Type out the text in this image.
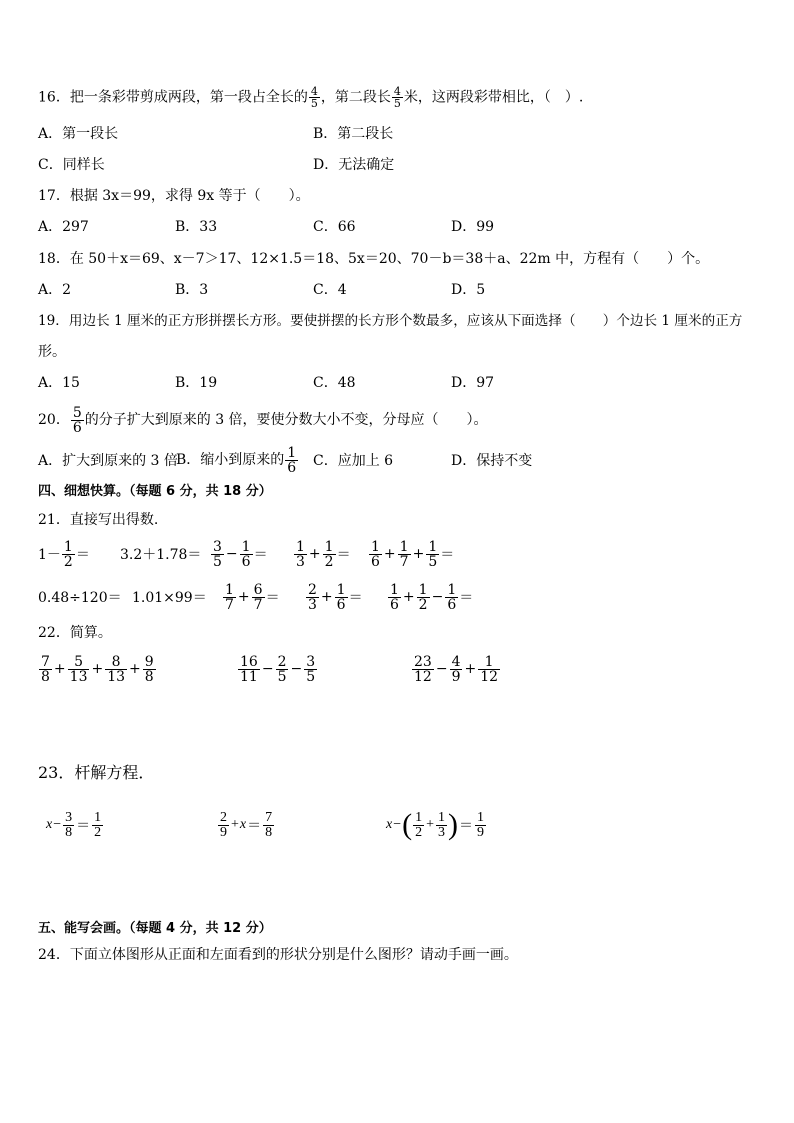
16．把一条彩带剪成两段，第一段占全长的 $\frac{4}{5}$ ，第二段长 $\frac{4}{5}$ 米，这两段彩带相比，（　）.
A．第一段长	B．第二段长
C．同样长	D．无法确定
17．根据 3x＝99，求得 9x 等于（　　）。
A．297	B．33	C．66	D．99
18．在 50＋x＝69、x－7＞17、12×1.5＝18、5x＝20、70－b＝38＋a、22m 中，方程有（　　）个。
A．2	B．3	C．4	D．5
19．用边长 1 厘米的正方形拼摆长方形。要使拼摆的长方形个数最多，应该从下面选择（　　）个边长 1 厘米的正方
形。
A．15	B．19	C．48	D．97
20． $\frac{5}{6}$ 的分子扩大到原来的 3 倍，要使分数大小不变，分母应（　　）。
A．扩大到原来的 3 倍
B．缩小到原来的 $\frac{1}{6}$ C．应加上 6	D．保持不变
四、细想快算。（每题 6 分，共 18 分）
21．直接写出得数.
$1- \frac{1}{2} = 3.2+1.78= \frac{3}{5} - \frac{1}{6} = \frac{1}{3} + \frac{1}{2} = \frac{1}{6} + \frac{1}{7} + \frac{1}{5}$ ＝
$0.48\div 120= 1.01\times 99= \frac{1}{7} + \frac{6}{7} = \frac{2}{3} + \frac{1}{6} = \frac{1}{6} + \frac{1}{2} - \frac{1}{6}$ ＝
22．简算。
$\frac{7}{8} + \frac{5}{13} + \frac{8}{13} + \frac{9}{8}$	$\frac{16}{11} - \frac{2}{5} - \frac{3}{5}$	$\frac{23}{12} - \frac{4}{9} + \frac{1}{12}$
23．杆解方程．
$x - \frac{3}{8} = \frac{1}{2}$	$\frac{2}{9} + x = \frac{7}{8}$	x − ( $\frac{1}{2} + \frac{1}{3}$ ) ＝ $\frac{1}{9}$
五、能写会画。（每题 4 分，共 12 分）
24．下面立体图形从正面和左面看到的形状分别是什么图形？请动手画一画。
